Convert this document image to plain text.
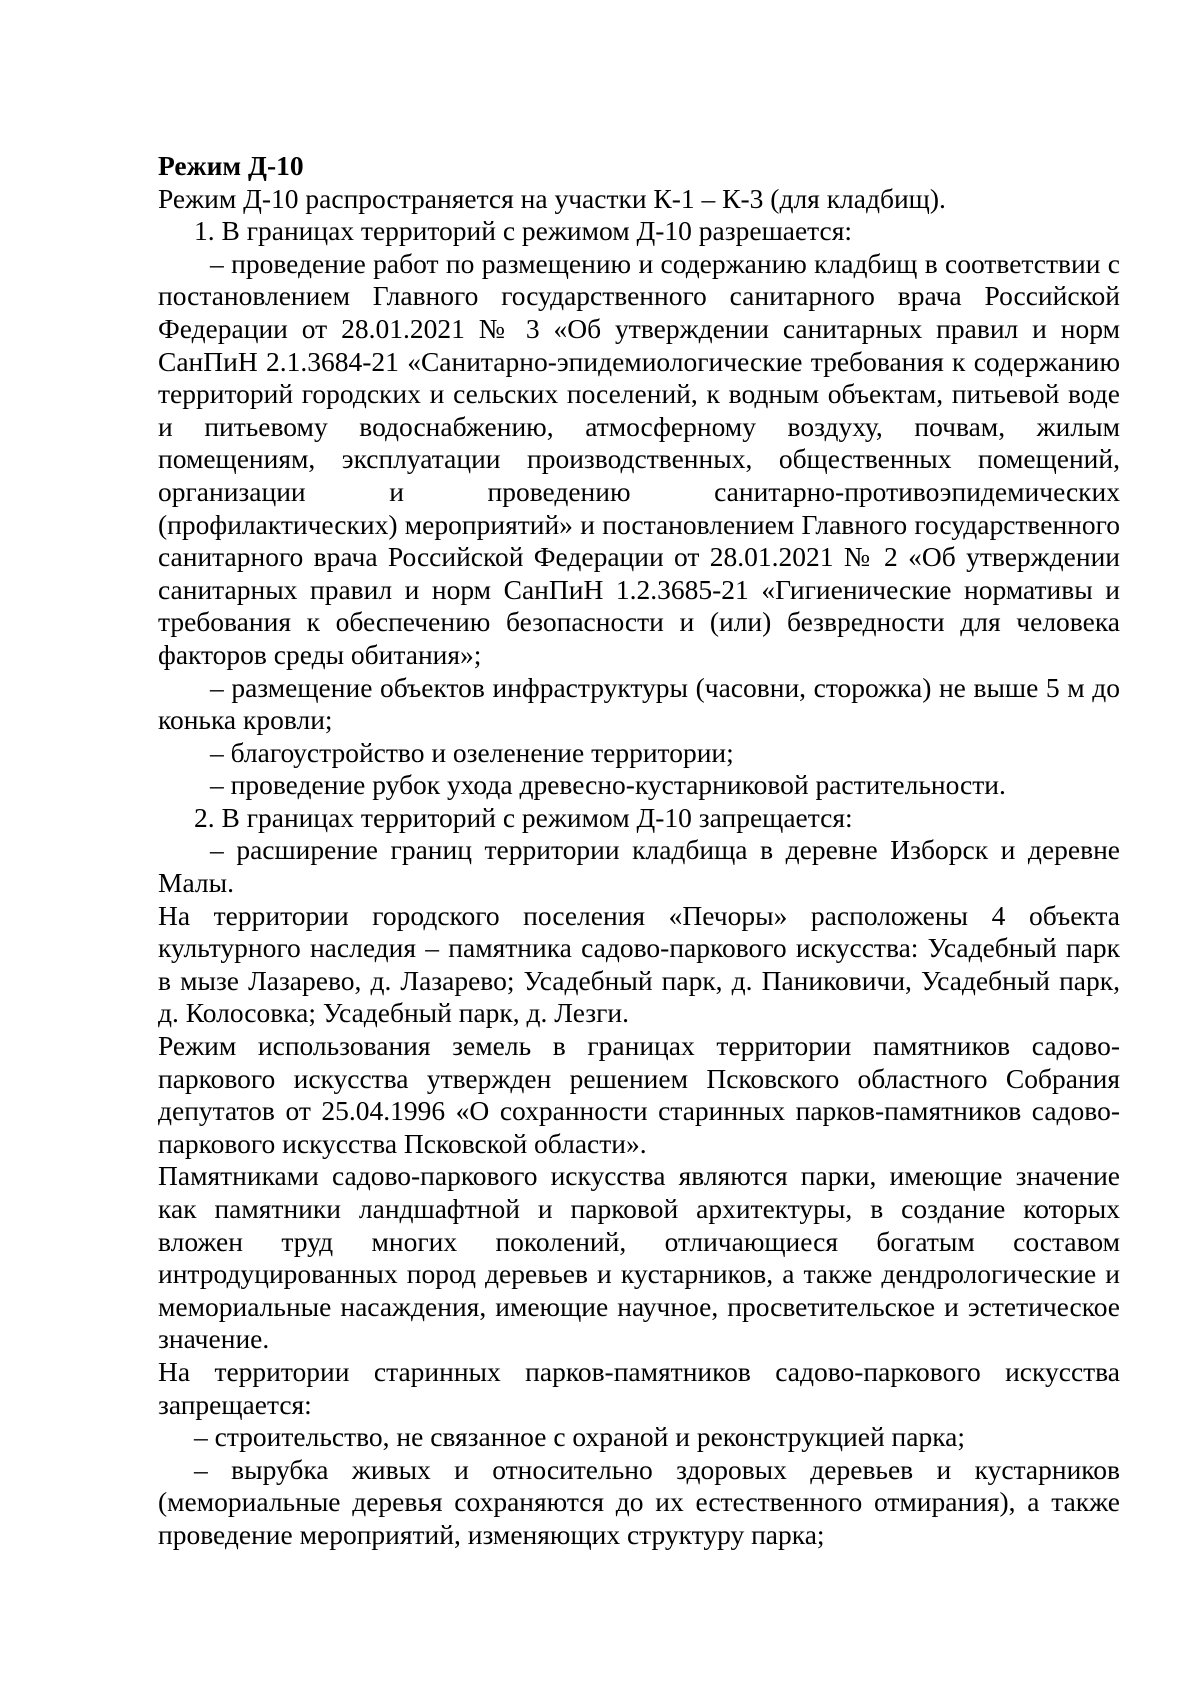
Режим Д-10

Режим Д-10 распространяется на участки К-1 – К-3 (для кладбищ).

1. В границах территорий с режимом Д-10 разрешается:

– проведение работ по размещению и содержанию кладбищ в соответствии с постановлением Главного государственного санитарного врача Российской Федерации от 28.01.2021 № 3 «Об утверждении санитарных правил и норм СанПиН 2.1.3684-21 «Санитарно-эпидемиологические требования к содержанию территорий городских и сельских поселений, к водным объектам, питьевой воде и питьевому водоснабжению, атмосферному воздуху, почвам, жилым помещениям, эксплуатации производственных, общественных помещений, организации и проведению санитарно-противоэпидемических (профилактических) мероприятий» и постановлением Главного государственного санитарного врача Российской Федерации от 28.01.2021 № 2 «Об утверждении санитарных правил и норм СанПиН 1.2.3685-21 «Гигиенические нормативы и требования к обеспечению безопасности и (или) безвредности для человека факторов среды обитания»;

– размещение объектов инфраструктуры (часовни, сторожка) не выше 5 м до конька кровли;

– благоустройство и озеленение территории;

– проведение рубок ухода древесно-кустарниковой растительности.

2. В границах территорий с режимом Д-10 запрещается:

– расширение границ территории кладбища в деревне Изборск и деревне Малы.

На территории городского поселения «Печоры» расположены 4 объекта культурного наследия – памятника садово-паркового искусства: Усадебный парк в мызе Лазарево, д. Лазарево; Усадебный парк, д. Паниковичи, Усадебный парк, д. Колосовка; Усадебный парк, д. Лезги.

Режим использования земель в границах территории памятников садово-паркового искусства утвержден решением Псковского областного Собрания депутатов от 25.04.1996 «О сохранности старинных парков-памятников садово-паркового искусства Псковской области».

Памятниками садово-паркового искусства являются парки, имеющие значение как памятники ландшафтной и парковой архитектуры, в создание которых вложен труд многих поколений, отличающиеся богатым составом интродуцированных пород деревьев и кустарников, а также дендрологические и мемориальные насаждения, имеющие научное, просветительское и эстетическое значение.

На территории старинных парков-памятников садово-паркового искусства запрещается:

– строительство, не связанное с охраной и реконструкцией парка;

– вырубка живых и относительно здоровых деревьев и кустарников (мемориальные деревья сохраняются до их естественного отмирания), а также проведение мероприятий, изменяющих структуру парка;
